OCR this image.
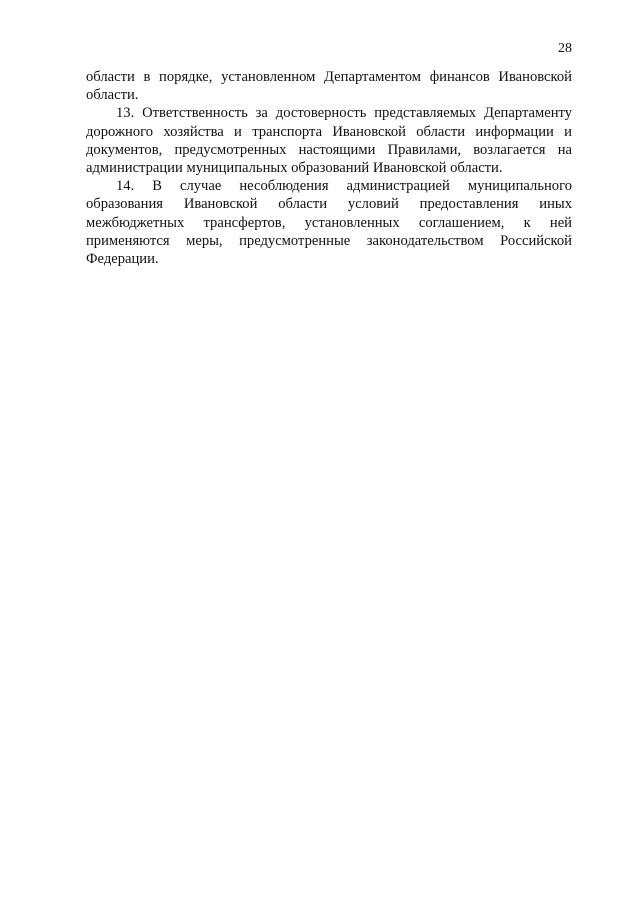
28

области в порядке, установленном Департаментом финансов Ивановской области.

13. Ответственность за достоверность представляемых Департаменту дорожного хозяйства и транспорта Ивановской области информации и документов, предусмотренных настоящими Правилами, возлагается на администрации муниципальных образований Ивановской области.

14. В случае несоблюдения администрацией муниципального образования Ивановской области условий предоставления иных межбюджетных трансфертов, установленных соглашением, к ней применяются меры, предусмотренные законодательством Российской Федерации.
